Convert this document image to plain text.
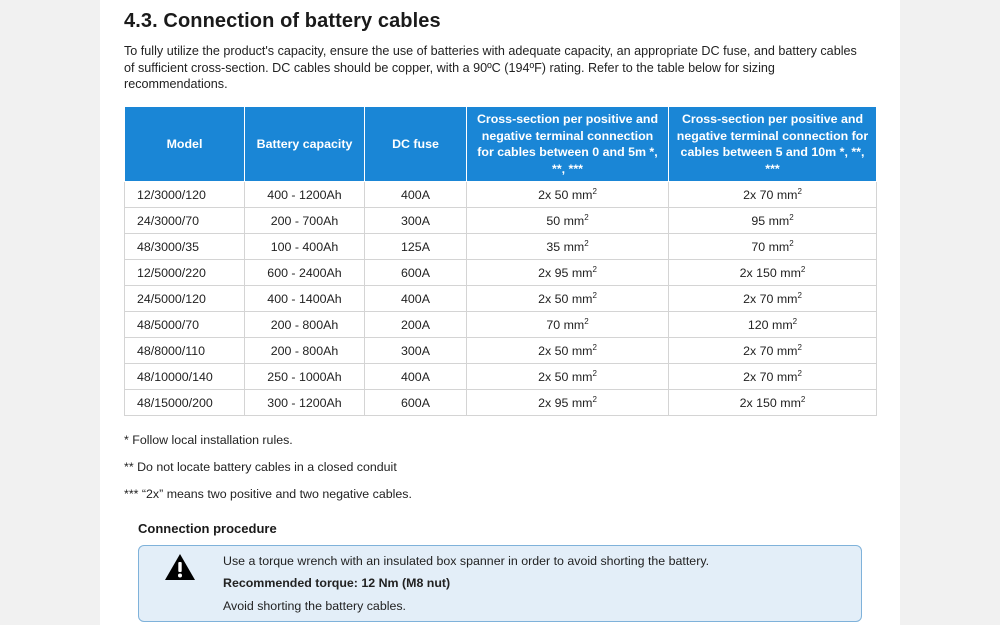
4.3. Connection of battery cables

To fully utilize the product's capacity, ensure the use of batteries with adequate capacity, an appropriate DC fuse, and battery cables of sufficient cross-section. DC cables should be copper, with a 90ºC (194ºF) rating. Refer to the table below for sizing recommendations.

Model	Battery capacity	DC fuse	Cross-section per positive and negative terminal connection for cables between 0 and 5m *, **, ***	Cross-section per positive and negative terminal connection for cables between 5 and 10m *, **, ***
12/3000/120	400 - 1200Ah	400A	2x 50 $mm^2$	2x 70 $mm^2$
24/3000/70	200 - 700Ah	300A	50 $mm^2$	95 $mm^2$
48/3000/35	100 - 400Ah	125A	35 $mm^2$	70 $mm^2$
12/5000/220	600 - 2400Ah	600A	2x 95 $mm^2$	2x 150 $mm^2$
24/5000/120	400 - 1400Ah	400A	2x 50 $mm^2$	2x 70 $mm^2$
48/5000/70	200 - 800Ah	200A	70 $mm^2$	120 $mm^2$
48/8000/110	200 - 800Ah	300A	2x 50 $mm^2$	2x 70 $mm^2$
48/10000/140	250 - 1000Ah	400A	2x 50 $mm^2$	2x 70 $mm^2$
48/15000/200	300 - 1200Ah	600A	2x 95 $mm^2$	2x 150 $mm^2$
* Follow local installation rules.
** Do not locate battery cables in a closed conduit
*** “2x” means two positive and two negative cables.
Connection procedure
Use a torque wrench with an insulated box spanner in order to avoid shorting the battery.
Recommended torque: 12 Nm (M8 nut)
Avoid shorting the battery cables.
